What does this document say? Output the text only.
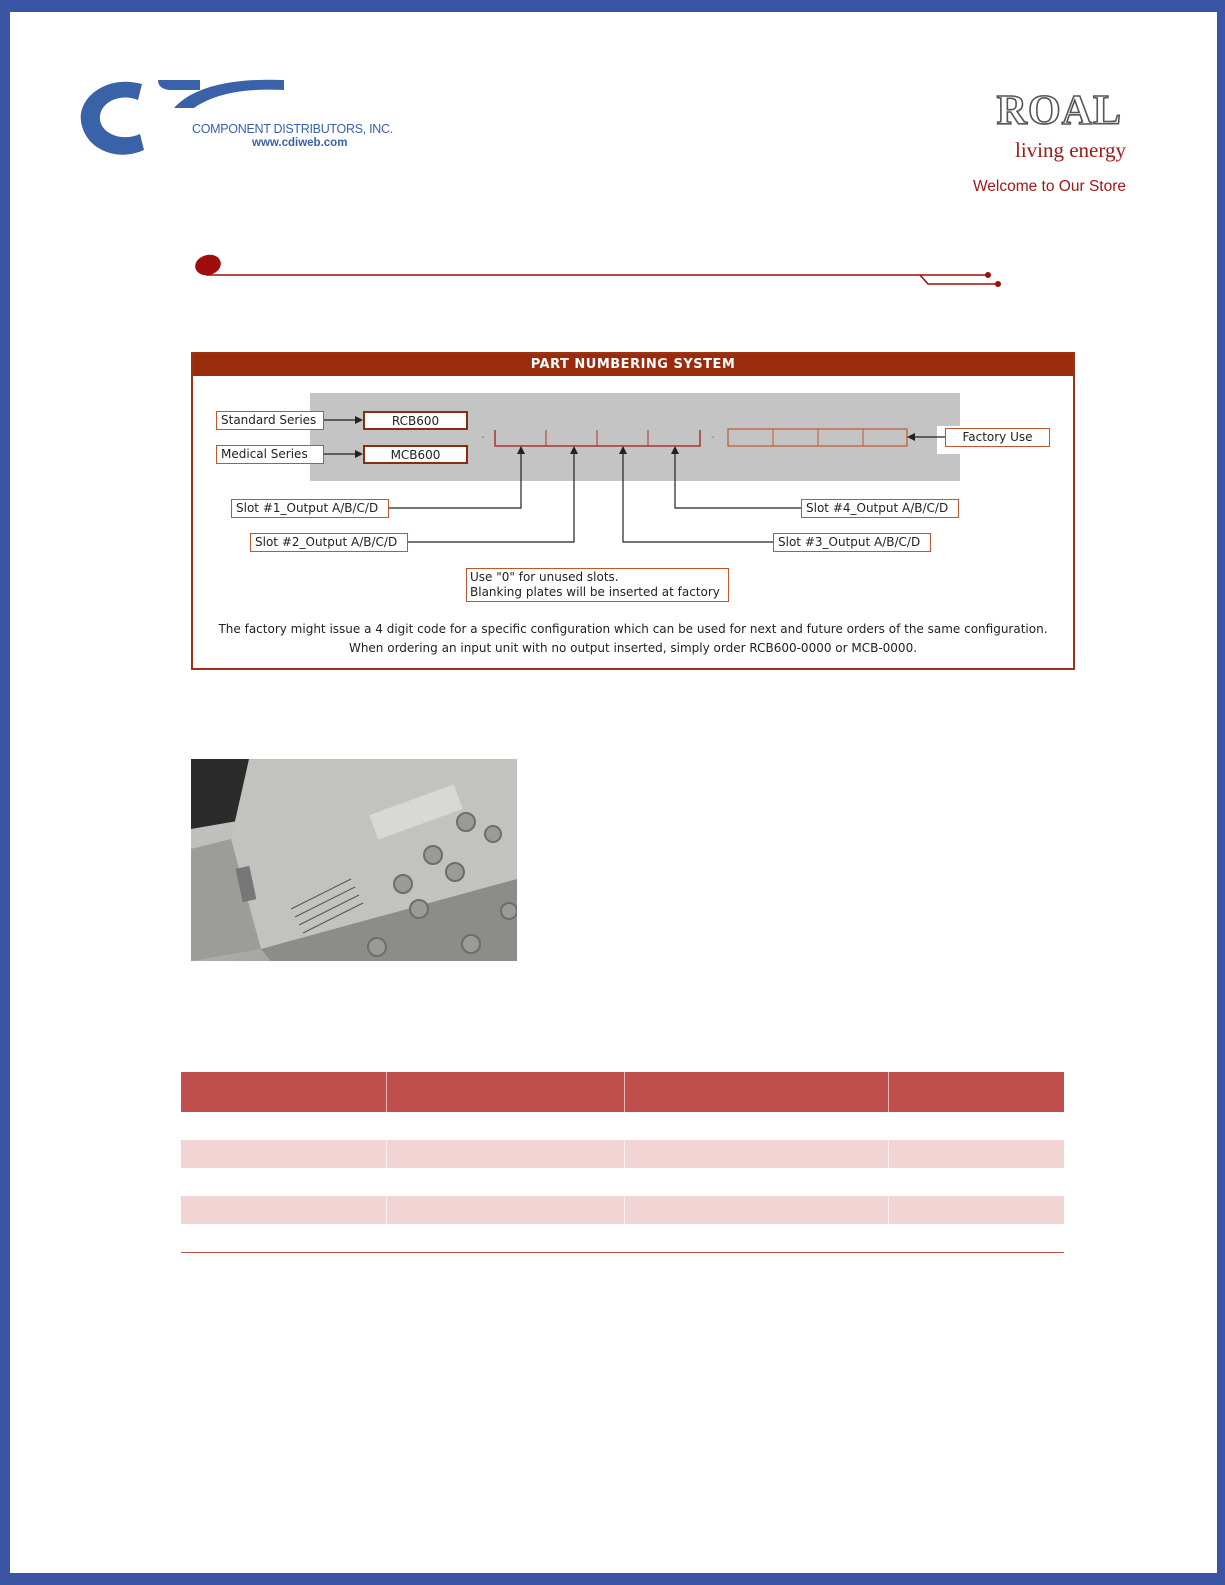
COMPONENT DISTRIBUTORS, INC.
www.cdiweb.com
ROAL
living energy
Welcome to Our Store
PART NUMBERING SYSTEM
-	-
Standard Series	RCB600
Medical Series	MCB600
Factory Use
Slot #1_Output A/B/C/D
Slot #2_Output A/B/C/D	Slot #3_Output A/B/C/D
Slot #4_Output A/B/C/D
Use "0" for unused slots.
Blanking plates will be inserted at factory
The factory might issue a 4 digit code for a specific configuration which can be used for next and future orders of the same configuration.
When ordering an input unit with no output inserted, simply order RCB600-0000 or MCB-0000.
